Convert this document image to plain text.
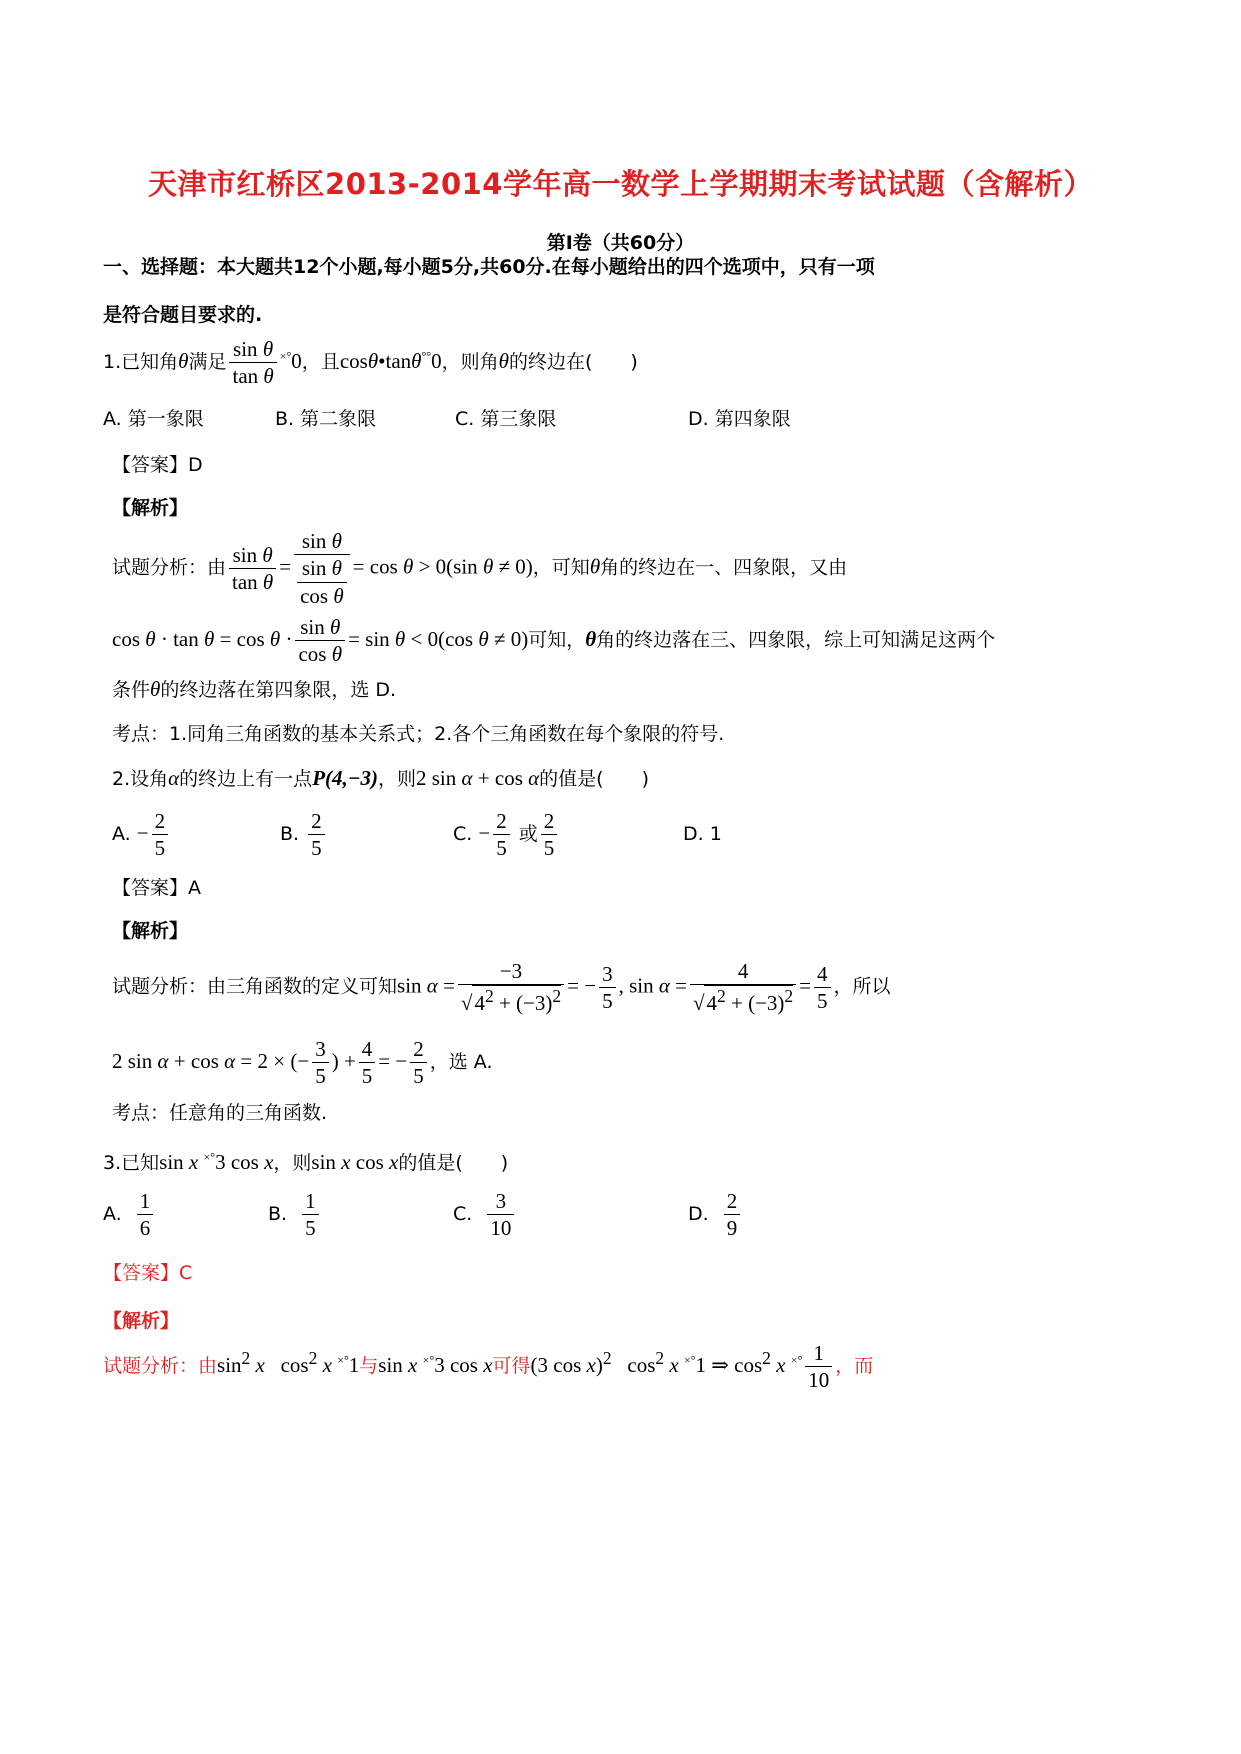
天津市红桥区2013-2014学年高一数学上学期期末考试试题（含解析）
第Ⅰ卷（共60分）
一、选择题：本大题共12个小题,每小题5分,共60分.在每小题给出的四个选项中，只有一项
是符合题目要求的.
1.已知角θ满足 $\frac{\text{sin θ}}{\text{tan θ}} ^{\times^\circ}0$，且cosθ•tanθ°°0，则角θ的终边在(　　)
A. 第一象限	B. 第二象限	C. 第三象限	D. 第四象限
【答案】D
【解析】
试题分析：由 $\frac{\text{sin θ}}{\text{tan θ}} = \frac{\text{sin θ}}{\frac{\text{sin θ}}{\text{cos θ}}} = \cos \theta > 0(\sin$ θ ≠ 0)，可知θ角的终边在一、四象限，又由
$\cos \theta \cdot \tan \theta = \cos \theta \cdot \frac{\text{sin θ}}{\text{cos θ}} = \sin \theta < 0(\cos$ θ ≠ 0)可知，θ角的终边落在三、四象限，综上可知满足这两个
条件θ的终边落在第四象限，选 D.
考点：1.同角三角函数的基本关系式；2.各个三角函数在每个象限的符号.
2.设角α的终边上有一点P(4,−3)，则2 sin α + cos α的值是(　　)
A. − $\frac{2}{5}$	B. $\frac{2}{5}$	C. − $\frac{2}{5}$ 或 $\frac{2}{5}$	D. 1
【答案】A
【解析】
试题分析：由三角函数的定义可知$\sin \alpha = \frac{-3}{√4^2 + (-3)^2}$ = − $\frac{3}{5}$ , $\sin \alpha = \frac{4}{√4^2 + (-3)^2} = \frac{4}{5}$ ，所以
2 sin α + cos α = 2 × (− $\frac{3}{5}$ ) + $\frac{4}{5}$ = − $\frac{2}{5}$ ，选 A.
考点：任意角的三角函数.
3.已知sin x ×°3 cos x，则sin x cos x的值是(　　)
A. $\frac{1}{6}$	B. $\frac{1}{5}$	C. $\frac{3}{10}$	D. $\frac{2}{9}$
【答案】C
【解析】
试题分析：由$\sin^2 x$   $\cos^2 x$ ×°1与sin x ×°3 cos x可得(3 cos x)$^2$   $\cos^2 x$ ×°1 ⇒ $\cos^2 x$ $^{\times^\circ} \frac{1}{10}$ ，而
